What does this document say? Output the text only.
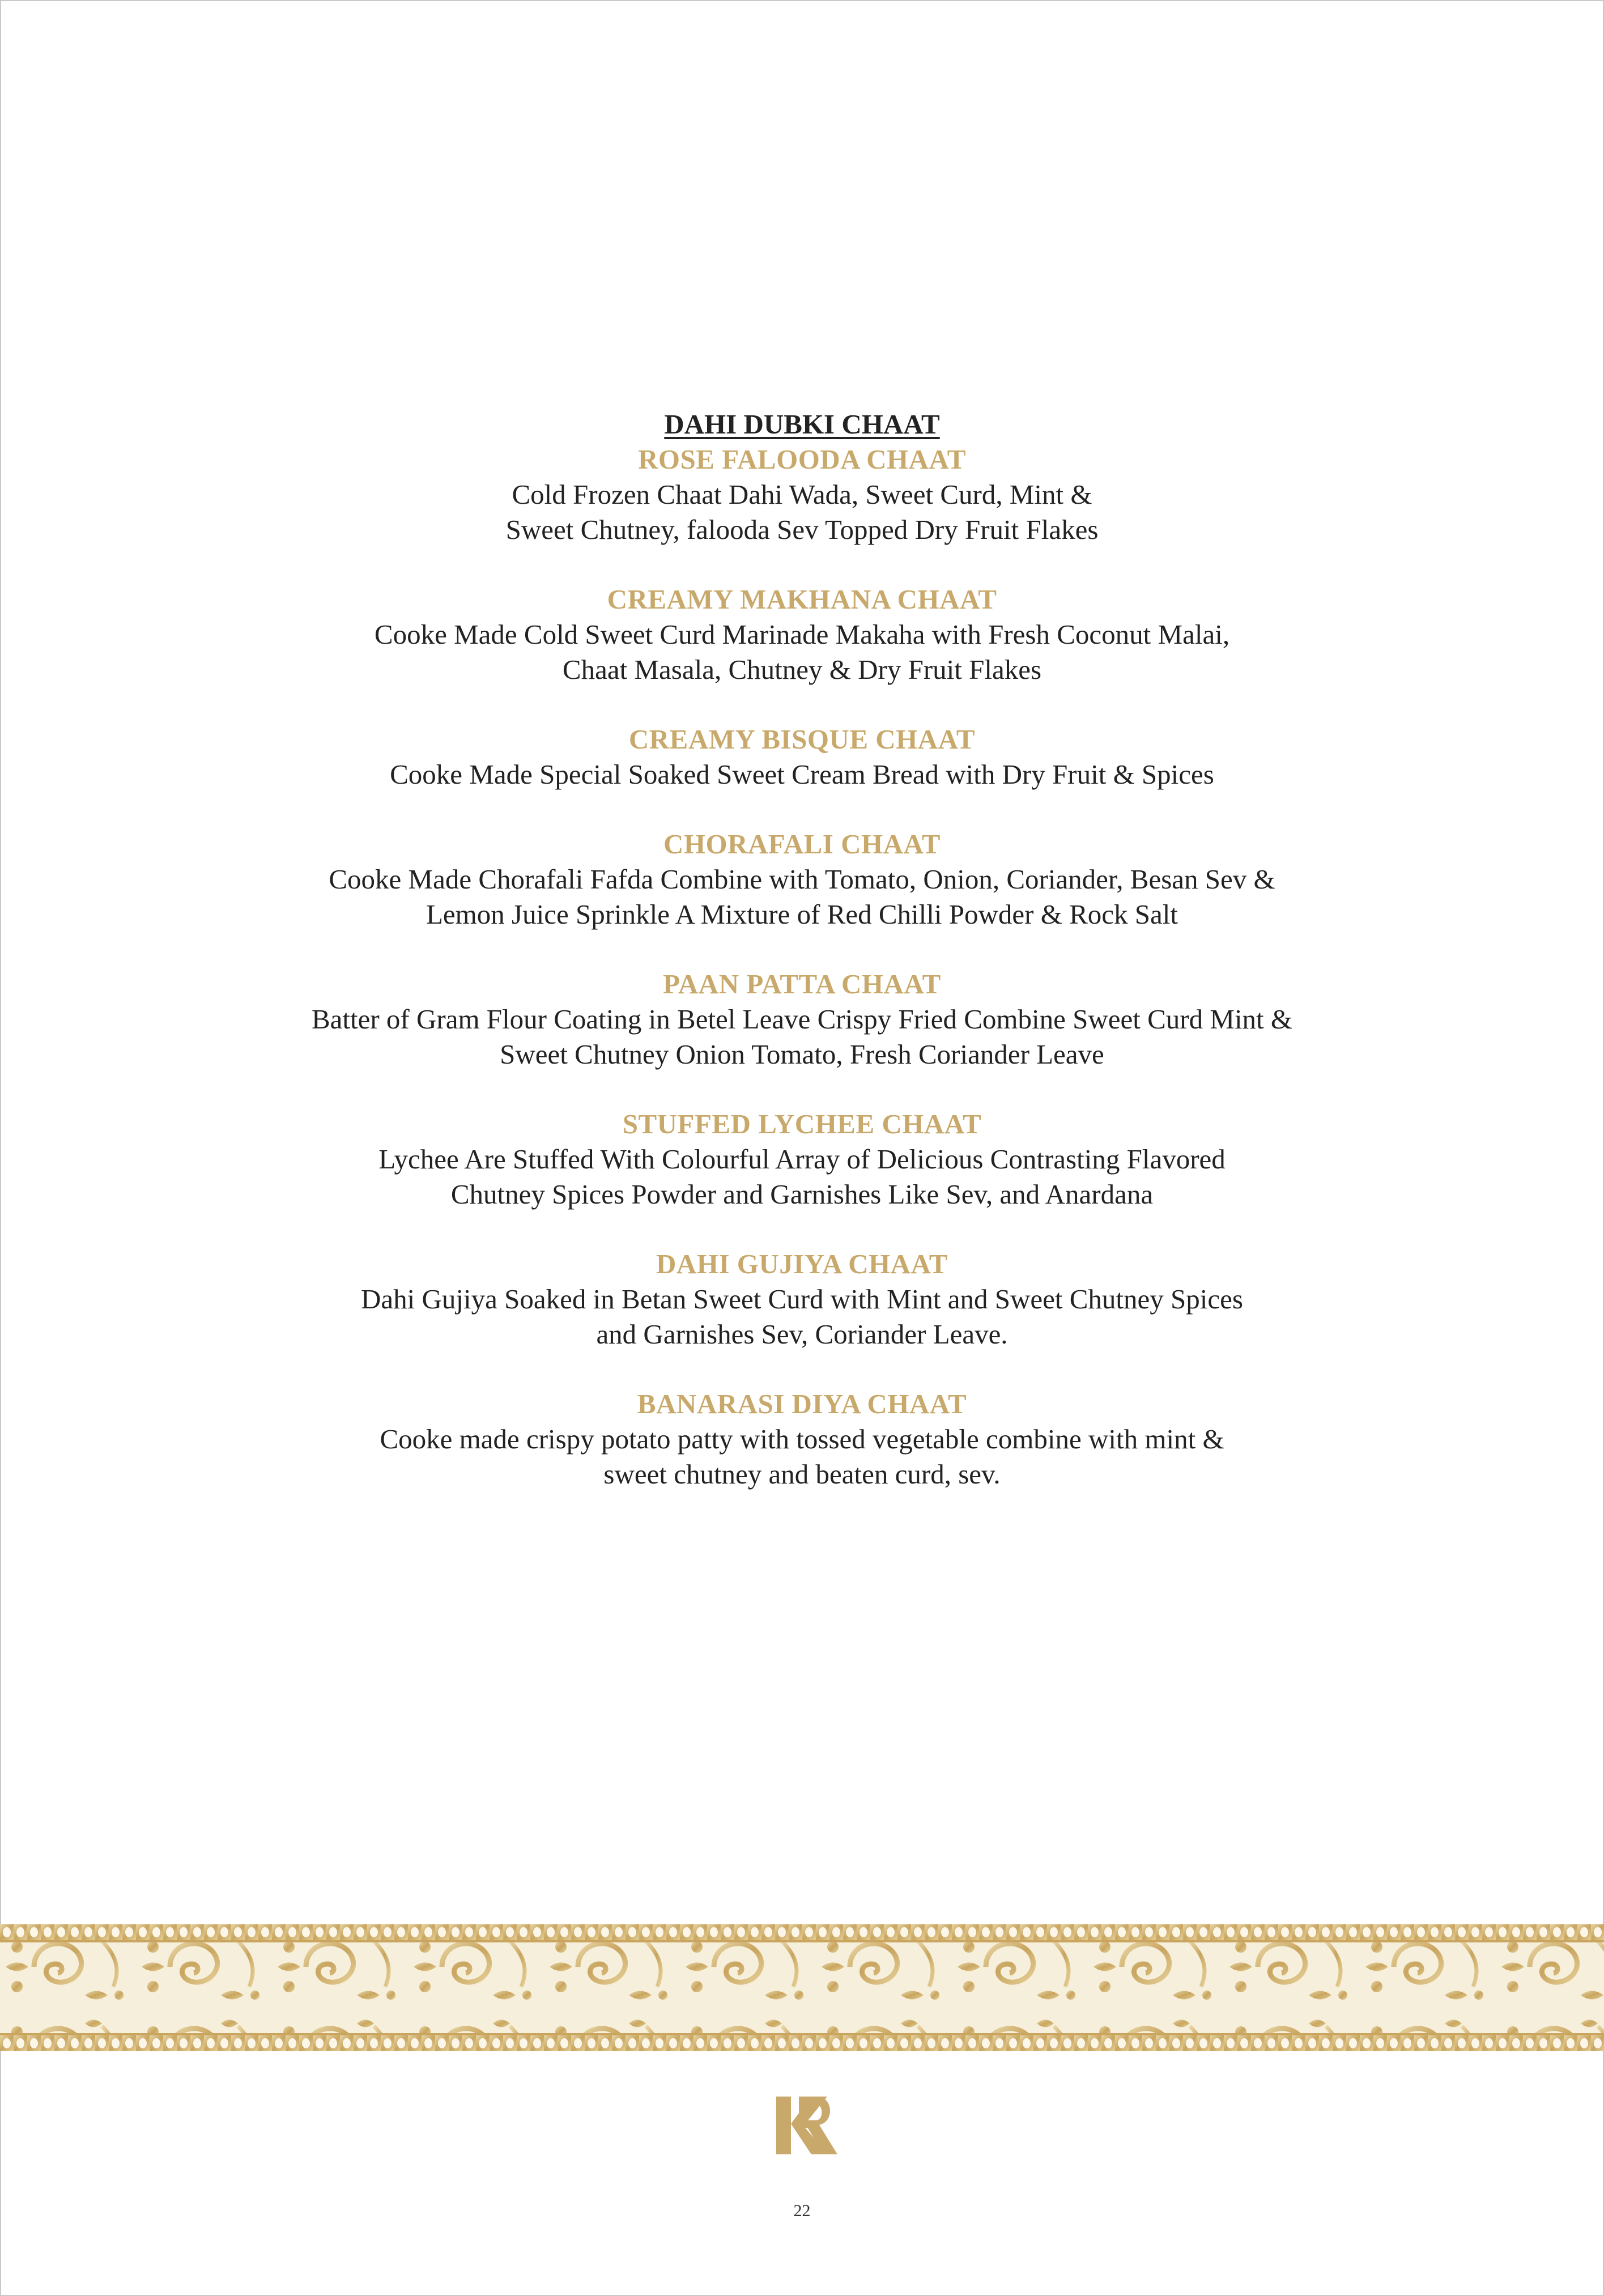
DAHI DUBKI CHAAT

ROSE FALOODA CHAAT

Cold Frozen Chaat Dahi Wada, Sweet Curd, Mint &

Sweet Chutney, falooda Sev Topped Dry Fruit Flakes

CREAMY MAKHANA CHAAT

Cooke Made Cold Sweet Curd Marinade Makaha with Fresh Coconut Malai,

Chaat Masala, Chutney & Dry Fruit Flakes

CREAMY BISQUE CHAAT

Cooke Made Special Soaked Sweet Cream Bread with Dry Fruit & Spices

CHORAFALI CHAAT

Cooke Made Chorafali Fafda Combine with Tomato, Onion, Coriander, Besan Sev &

Lemon Juice Sprinkle A Mixture of Red Chilli Powder & Rock Salt

PAAN PATTA CHAAT

Batter of Gram Flour Coating in Betel Leave Crispy Fried Combine Sweet Curd Mint &

Sweet Chutney Onion Tomato, Fresh Coriander Leave

STUFFED LYCHEE CHAAT

Lychee Are Stuffed With Colourful Array of Delicious Contrasting Flavored

Chutney Spices Powder and Garnishes Like Sev, and Anardana

DAHI GUJIYA CHAAT

Dahi Gujiya Soaked in Betan Sweet Curd with Mint and Sweet Chutney Spices

and Garnishes Sev, Coriander Leave.

BANARASI DIYA CHAAT

Cooke made crispy potato patty with tossed vegetable combine with mint &

sweet chutney and beaten curd, sev.

22
